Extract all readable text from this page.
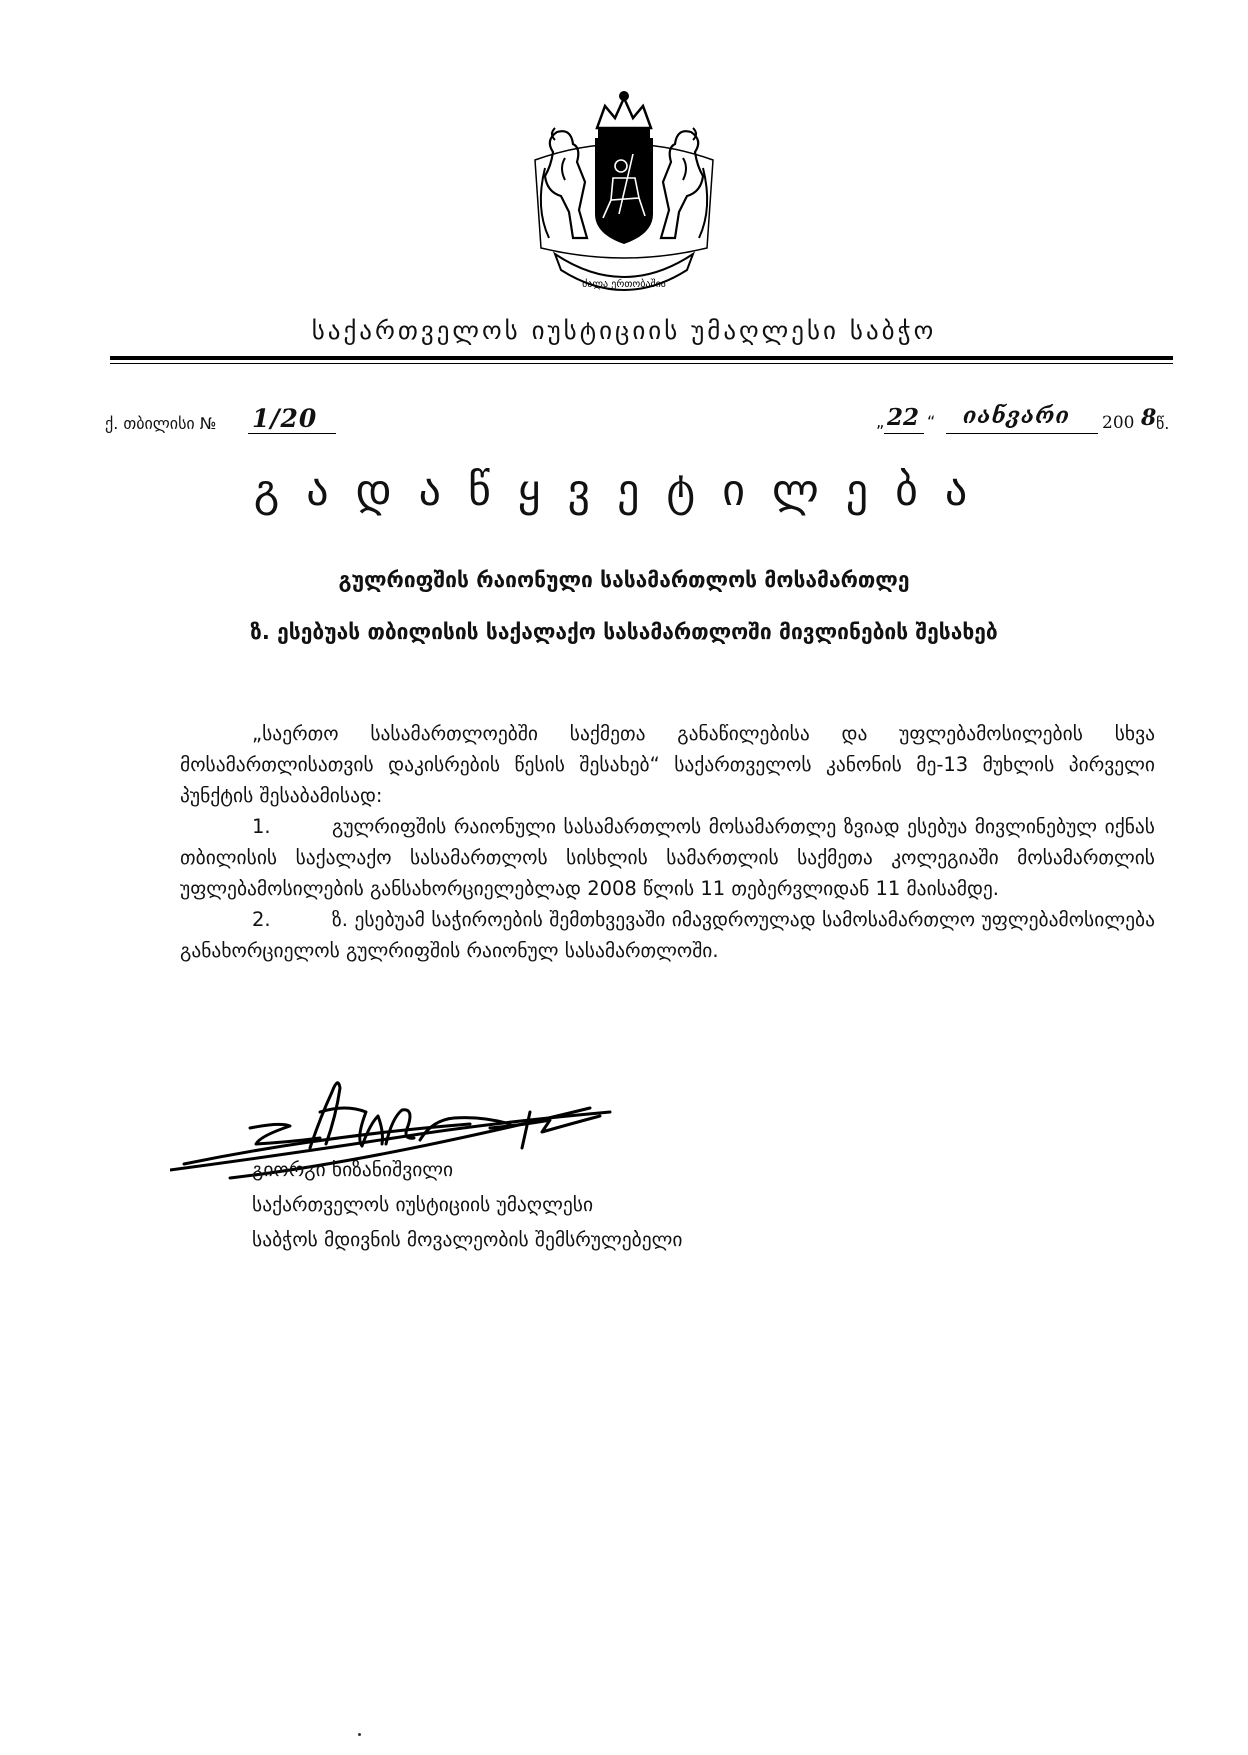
ძალა ერთობაშია
საქართველოს იუსტიციის უმაღლესი საბჭო
ქ. თბილისი № 1/20	„ 22 “ იანვარი 200 8 წ.
გადაწყვეტილება
გულრიფშის რაიონული სასამართლოს მოსამართლე
ზ. ესებუას თბილისის საქალაქო სასამართლოში მივლინების შესახებ

„საერთო სასამართლოებში საქმეთა განაწილებისა და უფლებამოსილების სხვა მოსამართლისათვის დაკისრების წესის შესახებ“ საქართველოს კანონის მე-13 მუხლის პირველი პუნქტის შესაბამისად:

1.	გულრიფშის რაიონული სასამართლოს მოსამართლე ზვიად ესებუა მივლინებულ იქნას თბილისის საქალაქო სასამართლოს სისხლის სამართლის საქმეთა კოლეგიაში მოსამართლის უფლებამოსილების განსახორციელებლად 2008 წლის 11 თებერვლიდან 11 მაისამდე.

2.	ზ. ესებუამ საჭიროების შემთხვევაში იმავდროულად სამოსამართლო უფლებამოსილება განახორციელოს გულრიფშის რაიონულ სასამართლოში.

გიორგი ხიზანიშვილი
საქართველოს იუსტიციის უმაღლესი
საბჭოს მდივნის მოვალეობის შემსრულებელი
